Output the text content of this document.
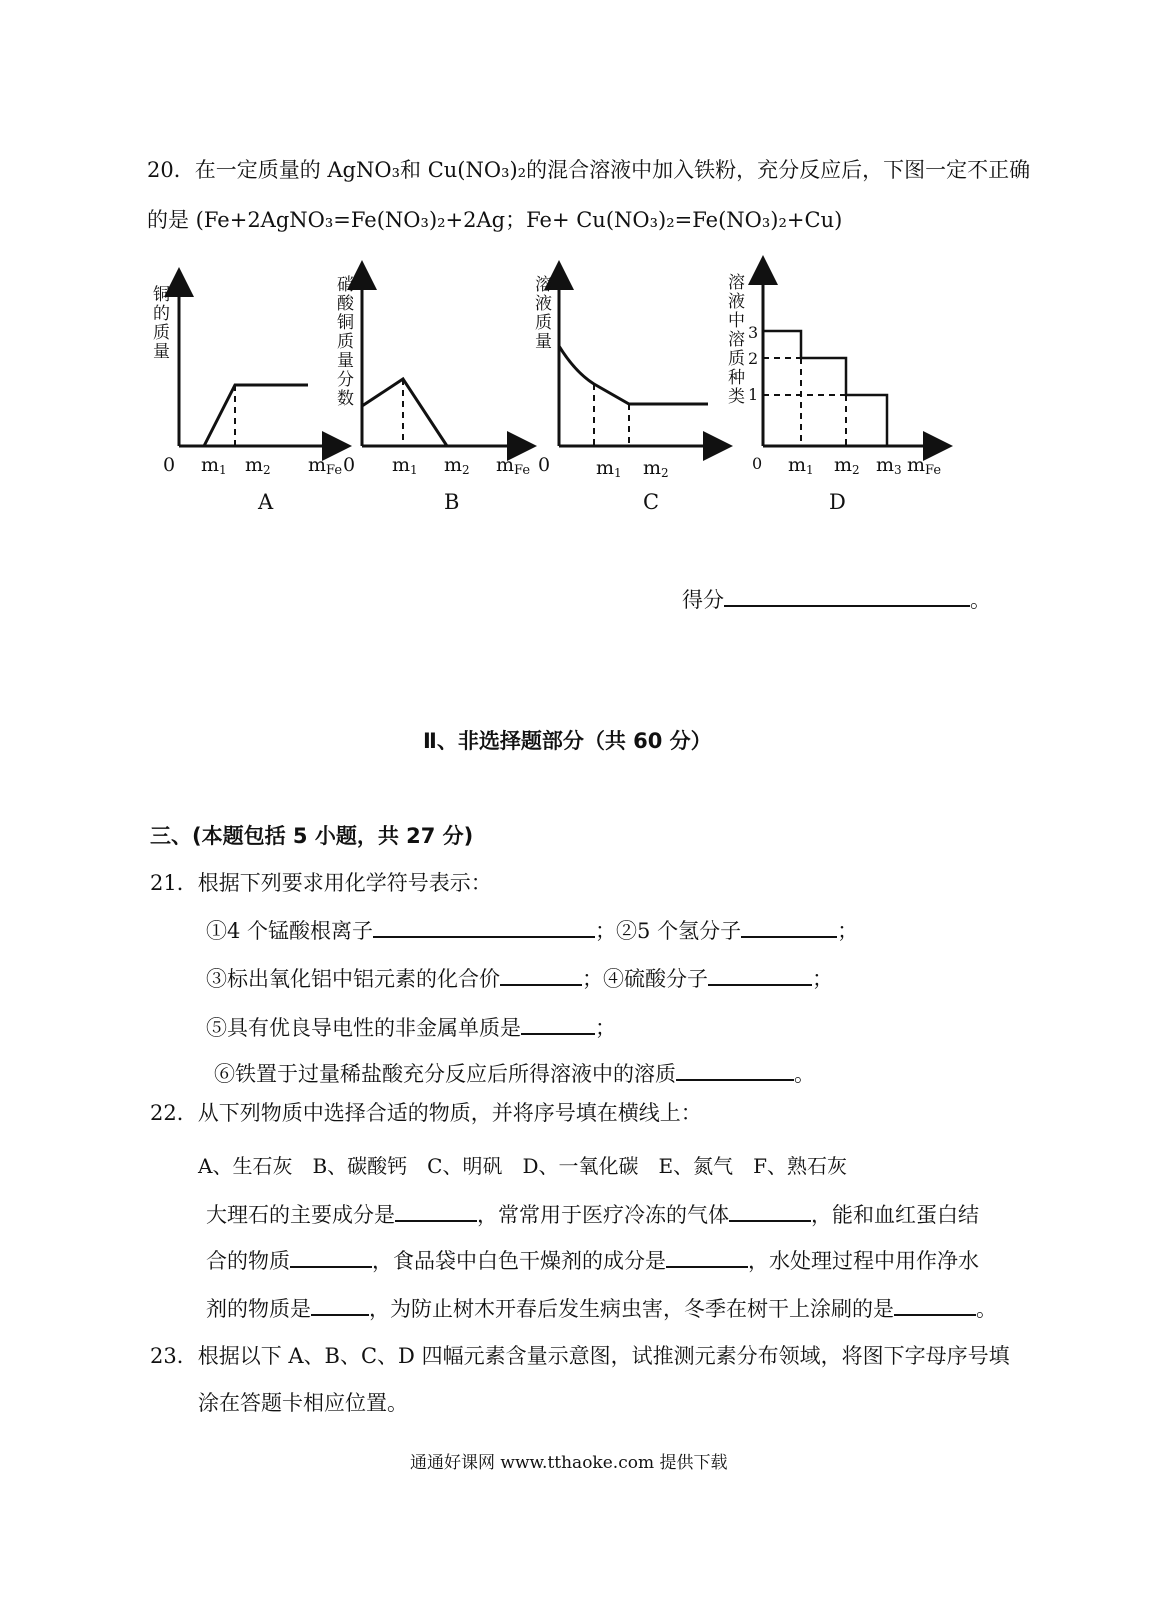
20．在一定质量的 AgNO₃和 Cu(NO₃)₂的混合溶液中加入铁粉，充分反应后，下图一定不正确
的是 (Fe+2AgNO₃=Fe(NO₃)₂+2Ag；Fe+ Cu(NO₃)₂=Fe(NO₃)₂+Cu)
铜 的 质 量
0 m1 m2 mFe
A
硝 酸 铜 质 量 分 数
0 m1 m2 mFe
B
溶 液 质 量
0 m1 m2
C
溶 液 中 溶 质 种 类
3
2
1
0 m1 m2 m3 mFe
D
得分	。
Ⅱ、非选择题部分（共 60 分）
三、(本题包括 5 小题，共 27 分)
21．根据下列要求用化学符号表示：
①4 个锰酸根离子	；②5 个氢分子	；
③标出氧化铝中铝元素的化合价	；④硫酸分子	；
⑤具有优良导电性的非金属单质是	；
⑥铁置于过量稀盐酸充分反应后所得溶液中的溶质	。
22．从下列物质中选择合适的物质，并将序号填在横线上：
A、生石灰　B、碳酸钙　C、明矾　D、一氧化碳　E、氮气　F、熟石灰
大理石的主要成分是	，常常用于医疗冷冻的气体	，能和血红蛋白结
合的物质	，食品袋中白色干燥剂的成分是	，水处理过程中用作净水
剂的物质是	，为防止树木开春后发生病虫害，冬季在树干上涂刷的是	。
23．根据以下 A、B、C、D 四幅元素含量示意图，试推测元素分布领域，将图下字母序号填
涂在答题卡相应位置。
通通好课网 www.tthaoke.com 提供下载
